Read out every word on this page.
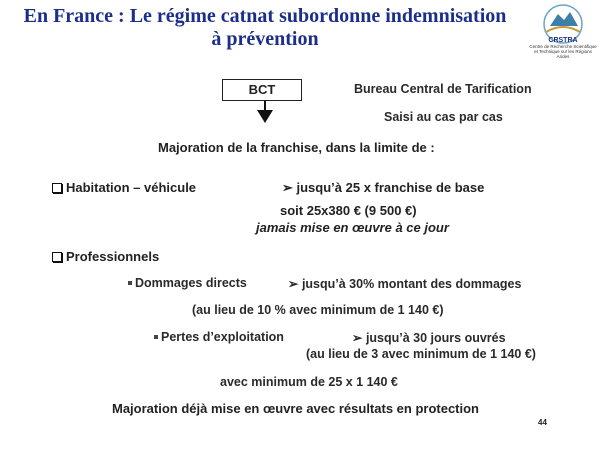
En France : Le régime catnat subordonne indemnisation
à prévention	CRSTRA
Centre de Recherche Scientifique et Technique sur les Régions Arides
BCT	Bureau Central de Tarification
Saisi au cas par cas
Majoration de la franchise, dans la limite de :
Habitation – véhicule	➢ jusqu’à 25 x franchise de base
soit 25x380 € (9 500 €)
jamais mise en œuvre à ce jour
Professionnels
Dommages directs	➢ jusqu’à 30% montant des dommages
(au lieu de 10 % avec minimum de 1 140 €)
Pertes d’exploitation	➢ jusqu’à 30 jours ouvrés
(au lieu de 3 avec minimum de 1 140 €)
avec minimum de 25 x 1 140 €
Majoration déjà mise en œuvre avec résultats en protection
44
